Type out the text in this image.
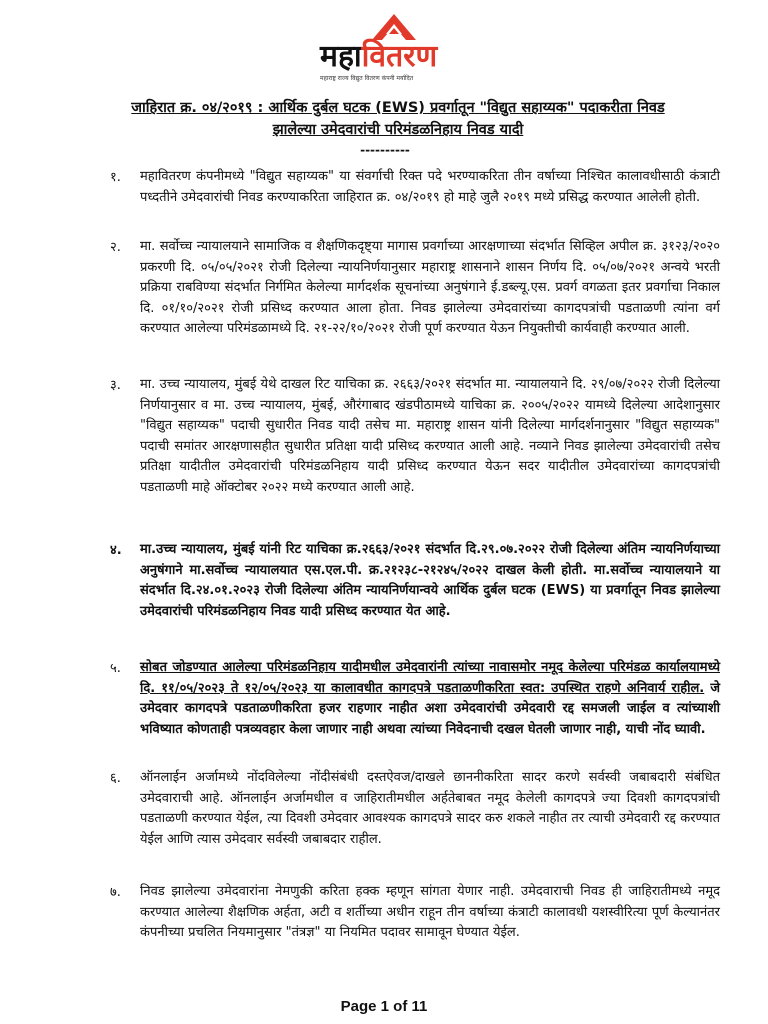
महावितरण
महाराष्ट्र राज्य विद्युत वितरण कंपनी मर्यादित
जाहिरात क्र. ०४/२०१९ : आर्थिक दुर्बल घटक (EWS) प्रवर्गातून "विद्युत सहाय्यक" पदाकरीता निवड
झालेल्या उमेदवारांची परिमंडळनिहाय निवड यादी
----------
१. महावितरण कंपनीमध्ये "विद्युत सहाय्यक" या संवर्गाची रिक्त पदे भरण्याकरिता तीन वर्षाच्या निश्चित कालावधीसाठी कंत्राटी पध्दतीने उमेदवारांची निवड करण्याकरिता जाहिरात क्र. ०४/२०१९ हो माहे जुलै २०१९ मध्ये प्रसिद्ध करण्यात आलेली होती.
२. मा. सर्वोच्च न्यायालयाने सामाजिक व शैक्षणिकदृष्ट्या मागास प्रवर्गाच्या आरक्षणाच्या संदर्भात सिव्हिल अपील क्र. ३१२३/२०२० प्रकरणी दि. ०५/०५/२०२१ रोजी दिलेल्या न्यायनिर्णयानुसार महाराष्ट्र शासनाने शासन निर्णय दि. ०५/०७/२०२१ अन्वये भरती प्रक्रिया राबविण्या संदर्भात निर्गमित केलेल्या मार्गदर्शक सूचनांच्या अनुषंगाने ई.डब्ल्यू.एस. प्रवर्ग वगळता इतर प्रवर्गाचा निकाल दि. ०१/१०/२०२१ रोजी प्रसिध्द करण्यात आला होता. निवड झालेल्या उमेदवारांच्या कागदपत्रांची पडताळणी त्यांना वर्ग करण्यात आलेल्या परिमंडळामध्ये दि. २१-२२/१०/२०२१ रोजी पूर्ण करण्यात येऊन नियुक्तीची कार्यवाही करण्यात आली.
३. मा. उच्च न्यायालय, मुंबई येथे दाखल रिट याचिका क्र. २६६३/२०२१ संदर्भात मा. न्यायालयाने दि. २९/०७/२०२२ रोजी दिलेल्या निर्णयानुसार व मा. उच्च न्यायालय, मुंबई, औरंगाबाद खंडपीठामध्ये याचिका क्र. २००५/२०२२ यामध्ये दिलेल्या आदेशानुसार "विद्युत सहाय्यक" पदाची सुधारीत निवड यादी तसेच मा. महाराष्ट्र शासन यांनी दिलेल्या मार्गदर्शनानुसार "विद्युत सहाय्यक" पदाची समांतर आरक्षणासहीत सुधारीत प्रतिक्षा यादी प्रसिध्द करण्यात आली आहे. नव्याने निवड झालेल्या उमेदवारांची तसेच प्रतिक्षा यादीतील उमेदवारांची परिमंडळनिहाय यादी प्रसिध्द करण्यात येऊन सदर यादीतील उमेदवारांच्या कागदपत्रांची पडताळणी माहे ऑक्टोबर २०२२ मध्ये करण्यात आली आहे.
४. मा.उच्च न्यायालय, मुंबई यांनी रिट याचिका क्र.२६६३/२०२१ संदर्भात दि.२९.०७.२०२२ रोजी दिलेल्या अंतिम न्यायनिर्णयाच्या अनुषंगाने मा.सर्वोच्च न्यायालयात एस.एल.पी. क्र.२१२३८-२१२४५/२०२२ दाखल केली होती. मा.सर्वोच्च न्यायालयाने या संदर्भात दि.२४.०१.२०२३ रोजी दिलेल्या अंतिम न्यायनिर्णयान्वये आर्थिक दुर्बल घटक (EWS) या प्रवर्गातून निवड झालेल्या उमेदवारांची परिमंडळनिहाय निवड यादी प्रसिध्द करण्यात येत आहे.
५. सोबत जोडण्यात आलेल्या परिमंडळनिहाय यादीमधील उमेदवारांनी त्यांच्या नावासमोर नमूद केलेल्या परिमंडळ कार्यालयामध्ये दि. ११/०५/२०२३ ते १२/०५/२०२३ या कालावधीत कागदपत्रे पडताळणीकरिता स्वत: उपस्थित राहणे अनिवार्य राहील. जे उमेदवार कागदपत्रे पडताळणीकरिता हजर राहणार नाहीत अशा उमेदवारांची उमेदवारी रद्द समजली जाईल व त्यांच्याशी भविष्यात कोणताही पत्रव्यवहार केला जाणार नाही अथवा त्यांच्या निवेदनाची दखल घेतली जाणार नाही, याची नोंद घ्यावी.
६. ऑनलाईन अर्जामध्ये नोंदविलेल्या नोंदीसंबंधी दस्तऐवज/दाखले छाननीकरिता सादर करणे सर्वस्वी जबाबदारी संबंधित उमेदवाराची आहे. ऑनलाईन अर्जामधील व जाहिरातीमधील अर्हतेबाबत नमूद केलेली कागदपत्रे ज्या दिवशी कागदपत्रांची पडताळणी करण्यात येईल, त्या दिवशी उमेदवार आवश्यक कागदपत्रे सादर करु शकले नाहीत तर त्याची उमेदवारी रद्द करण्यात येईल आणि त्यास उमेदवार सर्वस्वी जबाबदार राहील.
७. निवड झालेल्या उमेदवारांना नेमणुकी करिता हक्क म्हणून सांगता येणार नाही. उमेदवाराची निवड ही जाहिरातीमध्ये नमूद करण्यात आलेल्या शैक्षणिक अर्हता, अटी व शर्तीच्या अधीन राहून तीन वर्षाच्या कंत्राटी कालावधी यशस्वीरित्या पूर्ण केल्यानंतर कंपनीच्या प्रचलित नियमानुसार "तंत्रज्ञ" या नियमित पदावर सामावून घेण्यात येईल.
Page 1 of 11
